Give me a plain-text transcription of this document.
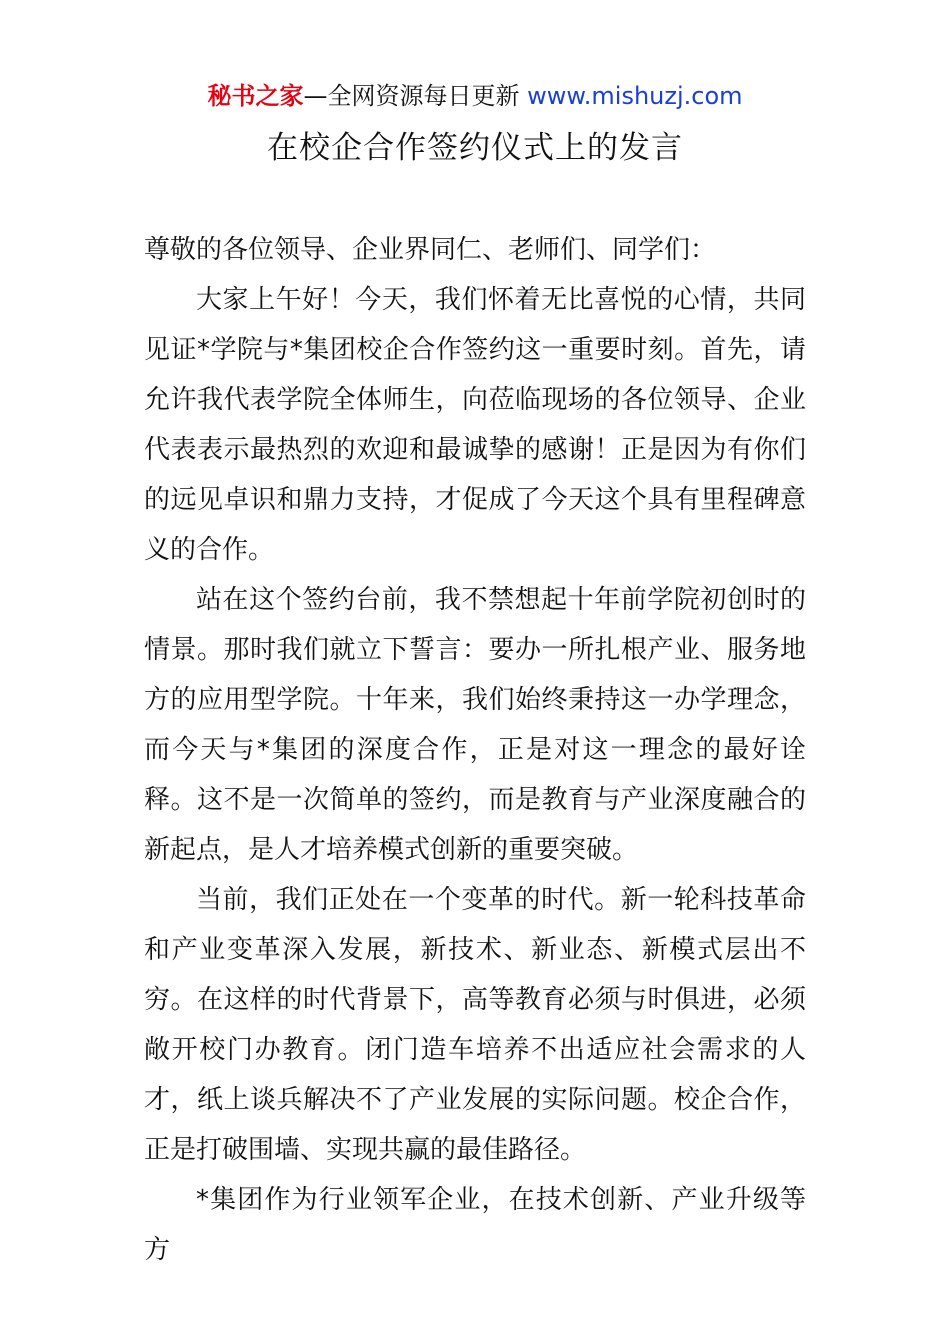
秘书之家—全网资源每日更新 www.mishuzj.com
在校企合作签约仪式上的发言

尊敬的各位领导、企业界同仁、老师们、同学们：

大家上午好！今天，我们怀着无比喜悦的心情，共同见证*学院与*集团校企合作签约这一重要时刻。首先，请允许我代表学院全体师生，向莅临现场的各位领导、企业代表表示最热烈的欢迎和最诚挚的感谢！正是因为有你们的远见卓识和鼎力支持，才促成了今天这个具有里程碑意义的合作。

站在这个签约台前，我不禁想起十年前学院初创时的情景。那时我们就立下誓言：要办一所扎根产业、服务地方的应用型学院。十年来，我们始终秉持这一办学理念，而今天与*集团的深度合作，正是对这一理念的最好诠释。这不是一次简单的签约，而是教育与产业深度融合的新起点，是人才培养模式创新的重要突破。

当前，我们正处在一个变革的时代。新一轮科技革命和产业变革深入发展，新技术、新业态、新模式层出不穷。在这样的时代背景下，高等教育必须与时俱进，必须敞开校门办教育。闭门造车培养不出适应社会需求的人才，纸上谈兵解决不了产业发展的实际问题。校企合作，正是打破围墙、实现共赢的最佳路径。

*集团作为行业领军企业，在技术创新、产业升级等方
